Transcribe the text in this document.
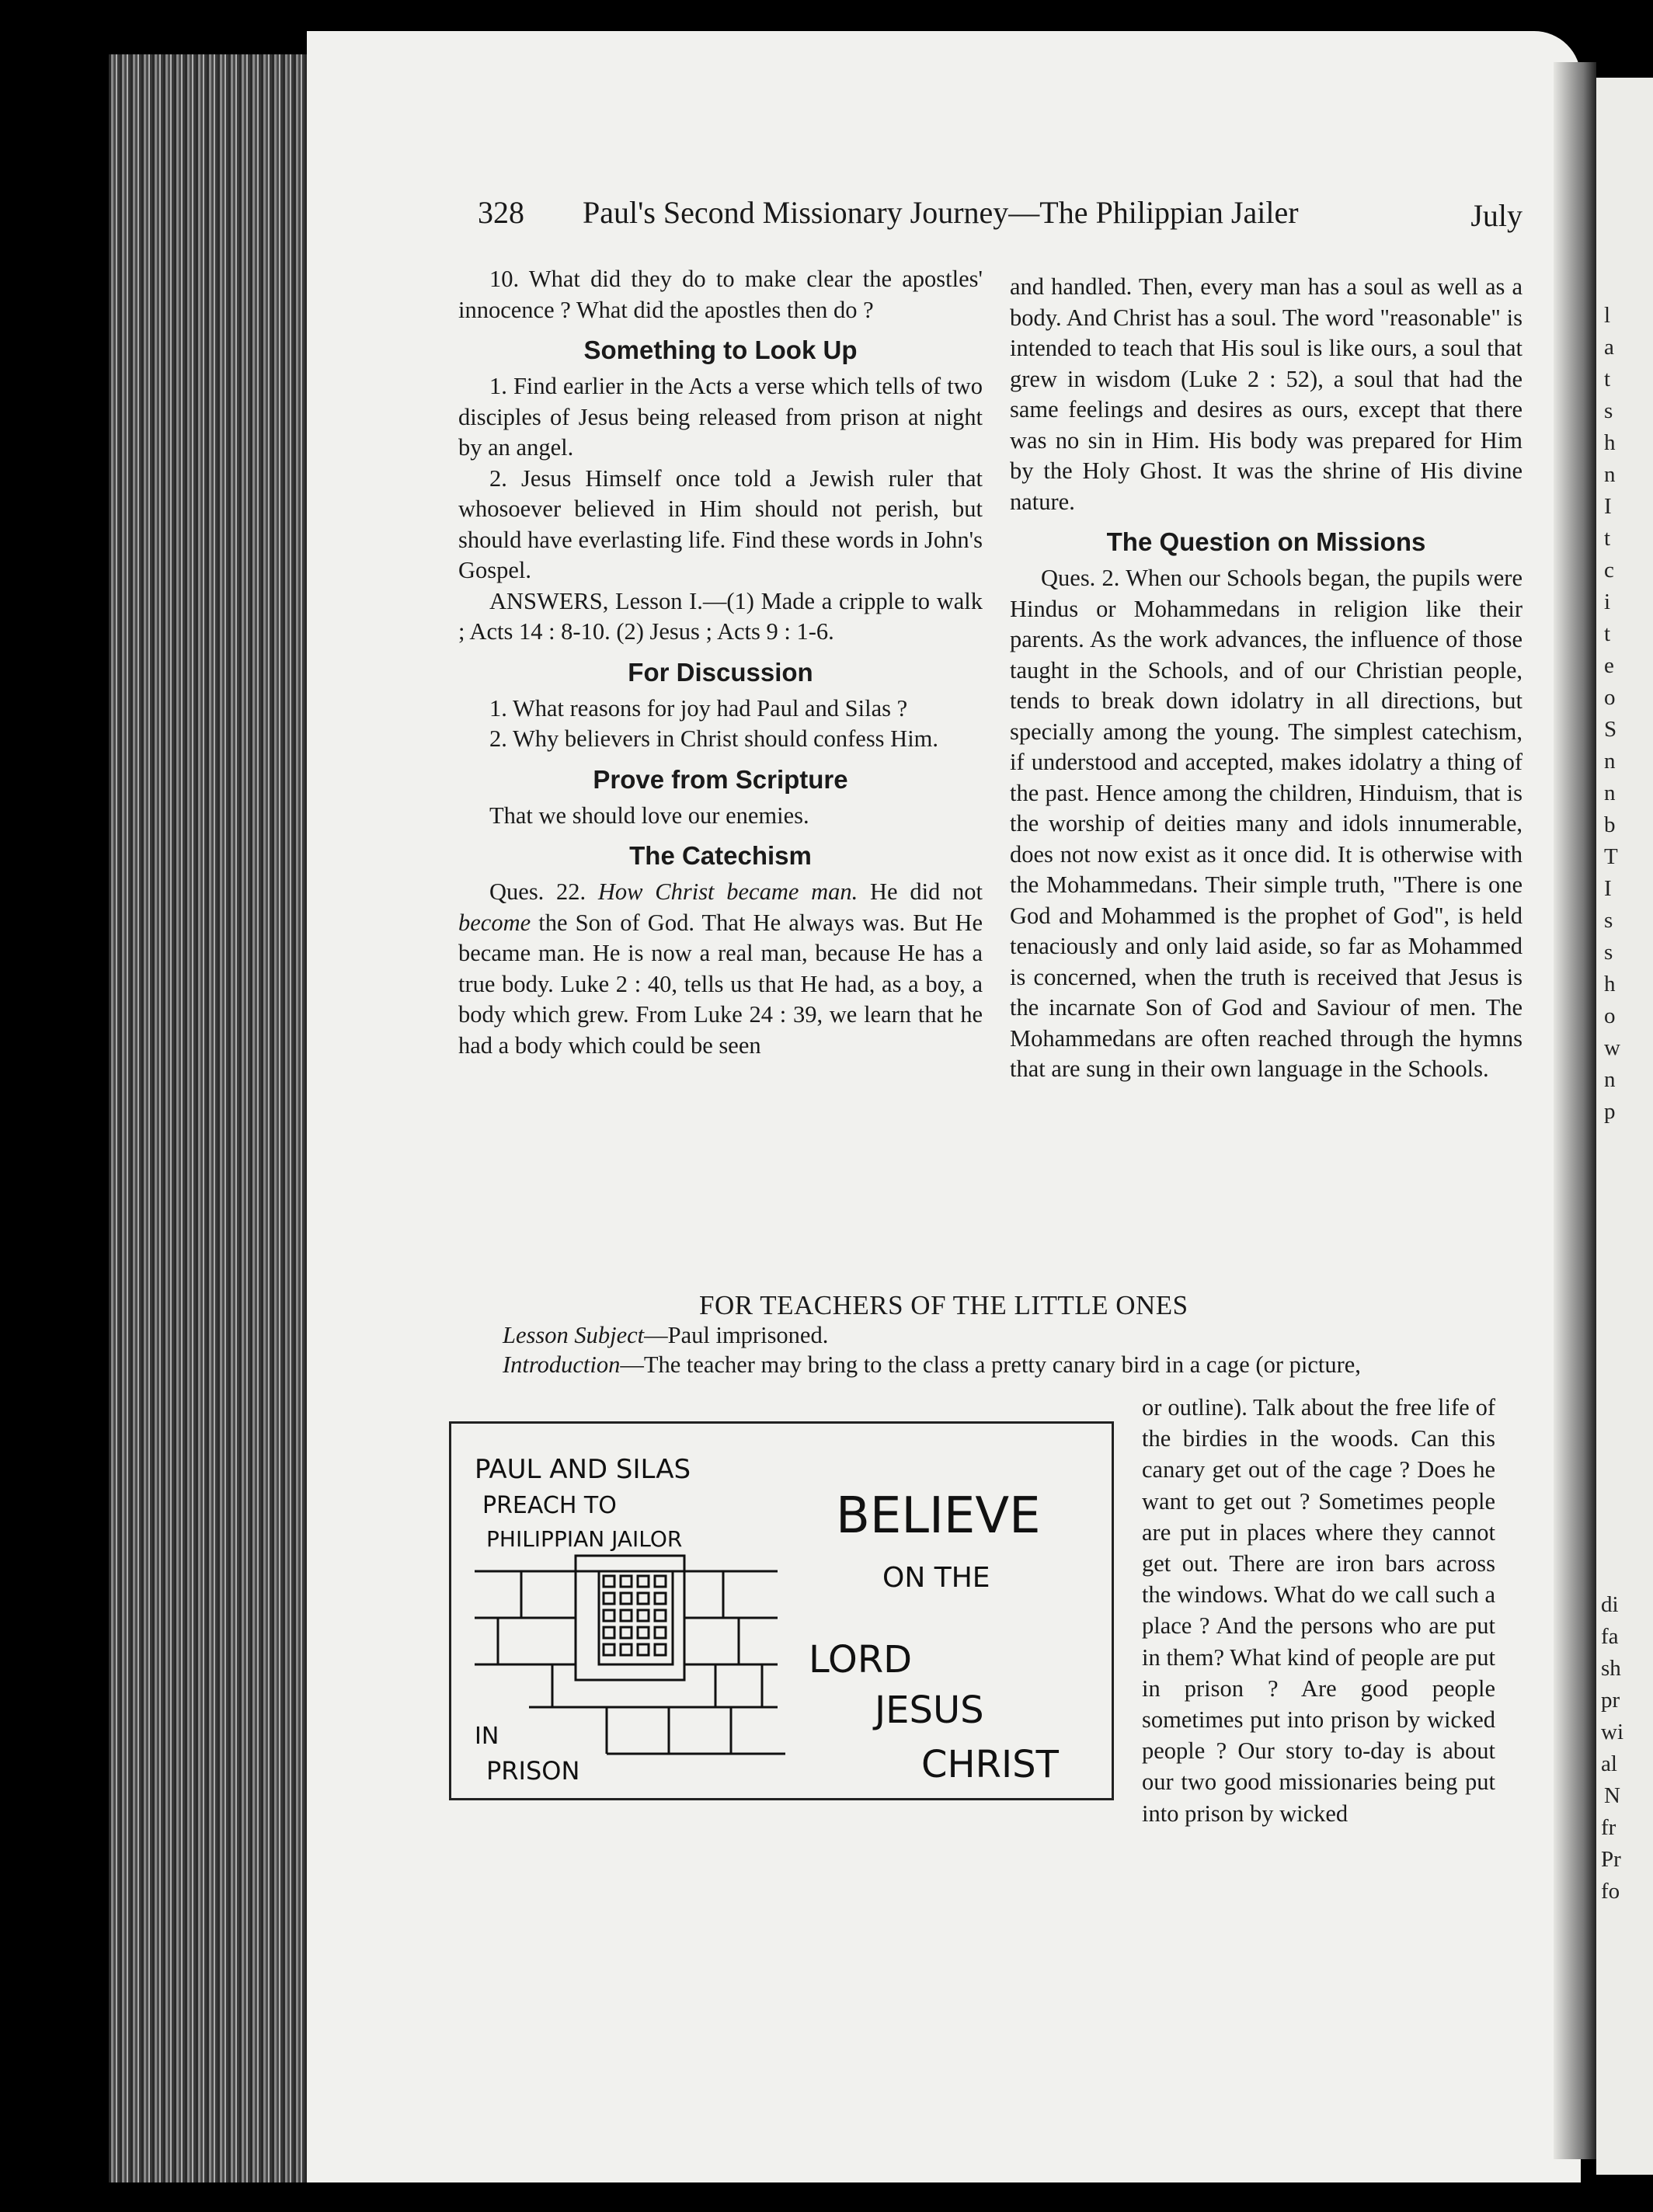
l
a
t
s
h
n
I
t
c
i
t
e
o
S
n
n
b
T
I
s
s
h
o
w
n
p
di
fa
sh
pr
wi
al
N
fr
Pr
fo
328 Paul's Second Missionary Journey—The Philippian Jailer	July

10. What did they do to make clear the apostles' innocence ? What did the apostles then do ?

Something to Look Up

1. Find earlier in the Acts a verse which tells of two disciples of Jesus being released from prison at night by an angel.

2. Jesus Himself once told a Jewish ruler that whosoever believed in Him should not perish, but should have everlasting life. Find these words in John's Gospel.

ANSWERS, Lesson I.—(1) Made a cripple to walk ; Acts 14 : 8-10. (2) Jesus ; Acts 9 : 1-6.

For Discussion

1. What reasons for joy had Paul and Silas ?

2. Why believers in Christ should confess Him.

Prove from Scripture

That we should love our enemies.

The Catechism

Ques. 22. How Christ became man. He did not become the Son of God. That He always was. But He became man. He is now a real man, because He has a true body. Luke 2 : 40, tells us that He had, as a boy, a body which grew. From Luke 24 : 39, we learn that he had a body which could be seen

and handled. Then, every man has a soul as well as a body. And Christ has a soul. The word "reasonable" is intended to teach that His soul is like ours, a soul that grew in wisdom (Luke 2 : 52), a soul that had the same feelings and desires as ours, except that there was no sin in Him. His body was prepared for Him by the Holy Ghost. It was the shrine of His divine nature.

The Question on Missions

Ques. 2. When our Schools began, the pupils were Hindus or Mohammedans in religion like their parents. As the work advances, the influence of those taught in the Schools, and of our Christian people, tends to break down idolatry in all directions, but specially among the young. The simplest catechism, if understood and accepted, makes idolatry a thing of the past. Hence among the children, Hinduism, that is the worship of deities many and idols innumerable, does not now exist as it once did. It is otherwise with the Mohammedans. Their simple truth, "There is one God and Mohammed is the prophet of God", is held tenaciously and only laid aside, so far as Mohammed is concerned, when the truth is received that Jesus is the incarnate Son of God and Saviour of men. The Mohammedans are often reached through the hymns that are sung in their own language in the Schools.

FOR TEACHERS OF THE LITTLE ONES

Lesson Subject—Paul imprisoned.

Introduction—The teacher may bring to the class a pretty canary bird in a cage (or picture,

PAUL AND SILAS
PREACH TO
PHILIPPIAN JAILOR
IN
PRISON
BELIEVE
ON THE
LORD
JESUS
CHRIST

or outline). Talk about the free life of the birdies in the woods. Can this canary get out of the cage ? Does he want to get out ? Sometimes people are put in places where they cannot get out. There are iron bars across the windows. What do we call such a place ? And the persons who are put in them? What kind of people are put in prison ? Are good people sometimes put into prison by wicked people ? Our story to-day is about our two good missionaries being put into prison by wicked
